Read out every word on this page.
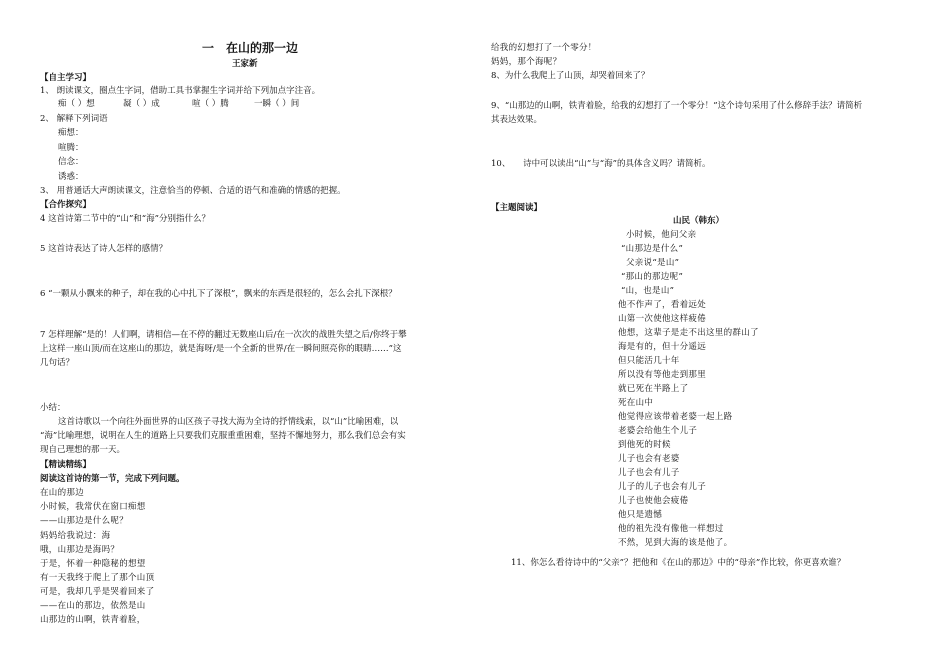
一　在山的那一边
王家新
【自主学习】
1、 朗读课文，圈点生字词，借助工具书掌握生字词并给下列加点字注音。
痴（ ）想	凝（ ）成	喧（ ）腾	一瞬（ ）间
2、 解释下列词语
痴想：
喧腾：
信念：
诱惑：
3、 用普通话大声朗读课文，注意恰当的停顿、合适的语气和准确的情感的把握。
【合作探究】
4 这首诗第二节中的“山”和“海”分别指什么？
5 这首诗表达了诗人怎样的感情？
6 “一颗从小飘来的种子，却在我的心中扎下了深根”，飘来的东西是很轻的，怎么会扎下深根？
7 怎样理解“是的！人们啊，请相信—在不停的翻过无数座山后/在一次次的战胜失望之后/你终于攀
上这样一座山顶/而在这座山的那边，就是海呀/是一个全新的世界/在一瞬间照亮你的眼睛……”这
几句话？
小结：
这首诗歌以一个向往外面世界的山区孩子寻找大海为全诗的抒情线索，以“山”比喻困难，以
“海”比喻理想，说明在人生的道路上只要我们克服重重困难，坚持不懈地努力，那么我们总会有实
现自己理想的那一天。
【精读精练】
阅读这首诗的第一节，完成下列问题。
在山的那边
小时候，我常伏在窗口痴想
——山那边是什么呢？
妈妈给我说过：海
哦，山那边是海吗？
于是，怀着一种隐秘的想望
有一天我终于爬上了那个山顶
可是，我却几乎是哭着回来了
——在山的那边，依然是山
山那边的山啊，铁青着脸，
给我的幻想打了一个零分！
妈妈，那个海呢？
8、为什么我爬上了山顶，却哭着回来了？
9、“山那边的山啊，铁青着脸，给我的幻想打了一个零分！”这个诗句采用了什么修辞手法？请简析
其表达效果。
10、　　诗中可以读出“山”与“海”的具体含义吗？请简析。
【主题阅读】
山民（韩东）
小时候，他问父亲
“山那边是什么”
父亲说“是山”
“那山的那边呢”
“山，也是山”
他不作声了，看着远处
山第一次使他这样疲倦
他想，这辈子是走不出这里的群山了
海是有的，但十分遥远
但只能活几十年
所以没有等他走到那里
就已死在半路上了
死在山中
他觉得应该带着老婆一起上路
老婆会给他生个儿子
到他死的时候
儿子也会有老婆
儿子也会有儿子
儿子的儿子也会有儿子
儿子也使他会疲倦
他只是遗憾
他的祖先没有像他一样想过
不然，见到大海的该是他了。
11、你怎么看待诗中的“父亲”？把他和《在山的那边》中的“母亲”作比较，你更喜欢谁？
